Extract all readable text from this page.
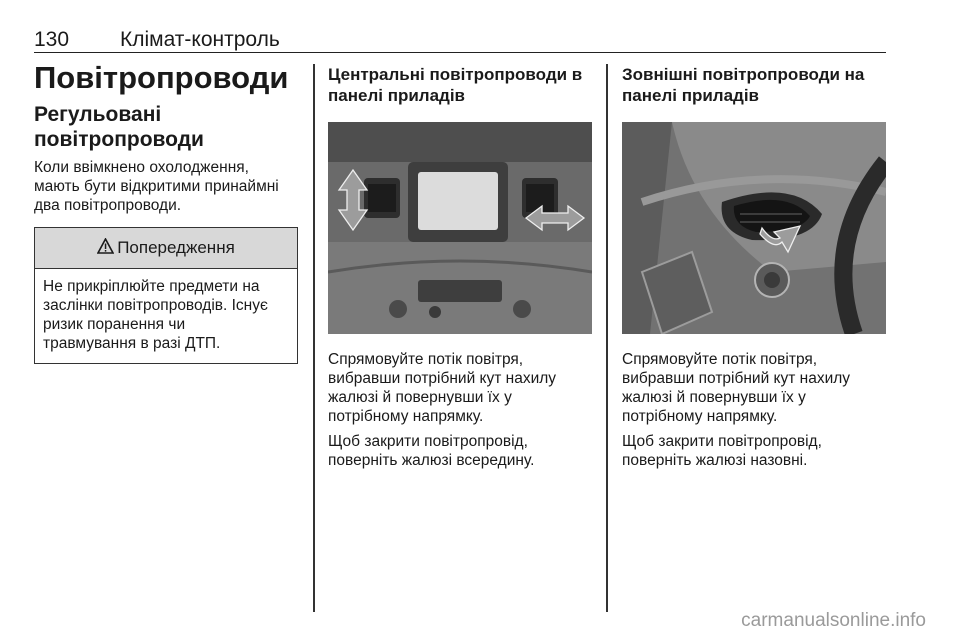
130 Клімат-контроль
Повітропроводи
Регульовані
повітропроводи

Коли ввімкнено охолодження,
мають бути відкритими принаймні
два повітропроводи.

Попередження
Не прикріплюйте предмети на
заслінки повітропроводів. Існує
ризик поранення чи
травмування в разі ДТП.
Центральні повітропроводи в
панелі приладів

Спрямовуйте потік повітря,
вибравши потрібний кут нахилу
жалюзі й повернувши їх у
потрібному напрямку.

Щоб закрити повітропровід,
поверніть жалюзі всередину.

Зовнішні повітропроводи на
панелі приладів

Спрямовуйте потік повітря,
вибравши потрібний кут нахилу
жалюзі й повернувши їх у
потрібному напрямку.

Щоб закрити повітропровід,
поверніть жалюзі назовні.

carmanualsonline.info
